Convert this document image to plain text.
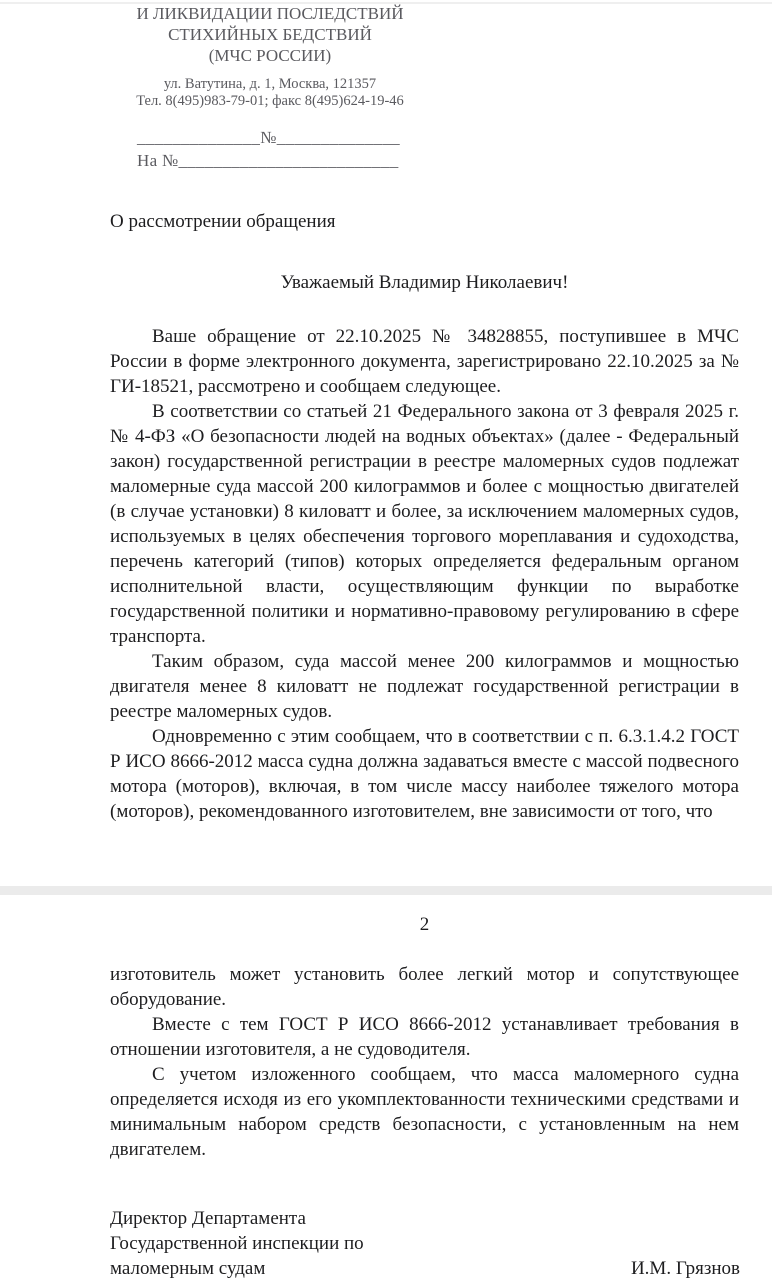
И ЛИКВИДАЦИИ ПОСЛЕДСТВИЙ
СТИХИЙНЫХ БЕДСТВИЙ
(МЧС РОССИИ)
ул. Ватутина, д. 1, Москва, 121357
Тел. 8(495)983-79-01; факс 8(495)624-19-46
______________№______________
На №_________________________
О рассмотрении обращения
Уважаемый Владимир Николаевич!

Ваше обращение от 22.10.2025 № 34828855, поступившее в МЧС России в форме электронного документа, зарегистрировано 22.10.2025 за № ГИ-18521, рассмотрено и сообщаем следующее.

В соответствии со статьей 21 Федерального закона от 3 февраля 2025 г. № 4-ФЗ «О безопасности людей на водных объектах» (далее - Федеральный закон) государственной регистрации в реестре маломерных судов подлежат маломерные суда массой 200 килограммов и более с мощностью двигателей (в случае установки) 8 киловатт и более, за исключением маломерных судов, используемых в целях обеспечения торгового мореплавания и судоходства, перечень категорий (типов) которых определяется федеральным органом исполнительной власти, осуществляющим функции по выработке государственной политики и нормативно-правовому регулированию в сфере транспорта.

Таким образом, суда массой менее 200 килограммов и мощностью двигателя менее 8 киловатт не подлежат государственной регистрации в реестре маломерных судов.

Одновременно с этим сообщаем, что в соответствии с п. 6.3.1.4.2 ГОСТ Р ИСО 8666-2012 масса судна должна задаваться вместе с массой подвесного мотора (моторов), включая, в том числе массу наиболее тяжелого мотора (моторов), рекомендованного изготовителем, вне зависимости от того, что

2

изготовитель может установить более легкий мотор и сопутствующее оборудование.

Вместе с тем ГОСТ Р ИСО 8666-2012 устанавливает требования в отношении изготовителя, а не судоводителя.

С учетом изложенного сообщаем, что масса маломерного судна определяется исходя из его укомплектованности техническими средствами и минимальным набором средств безопасности, с установленным на нем двигателем.

Директор Департамента
Государственной инспекции по
маломерным судам	И.М. Грязнов
